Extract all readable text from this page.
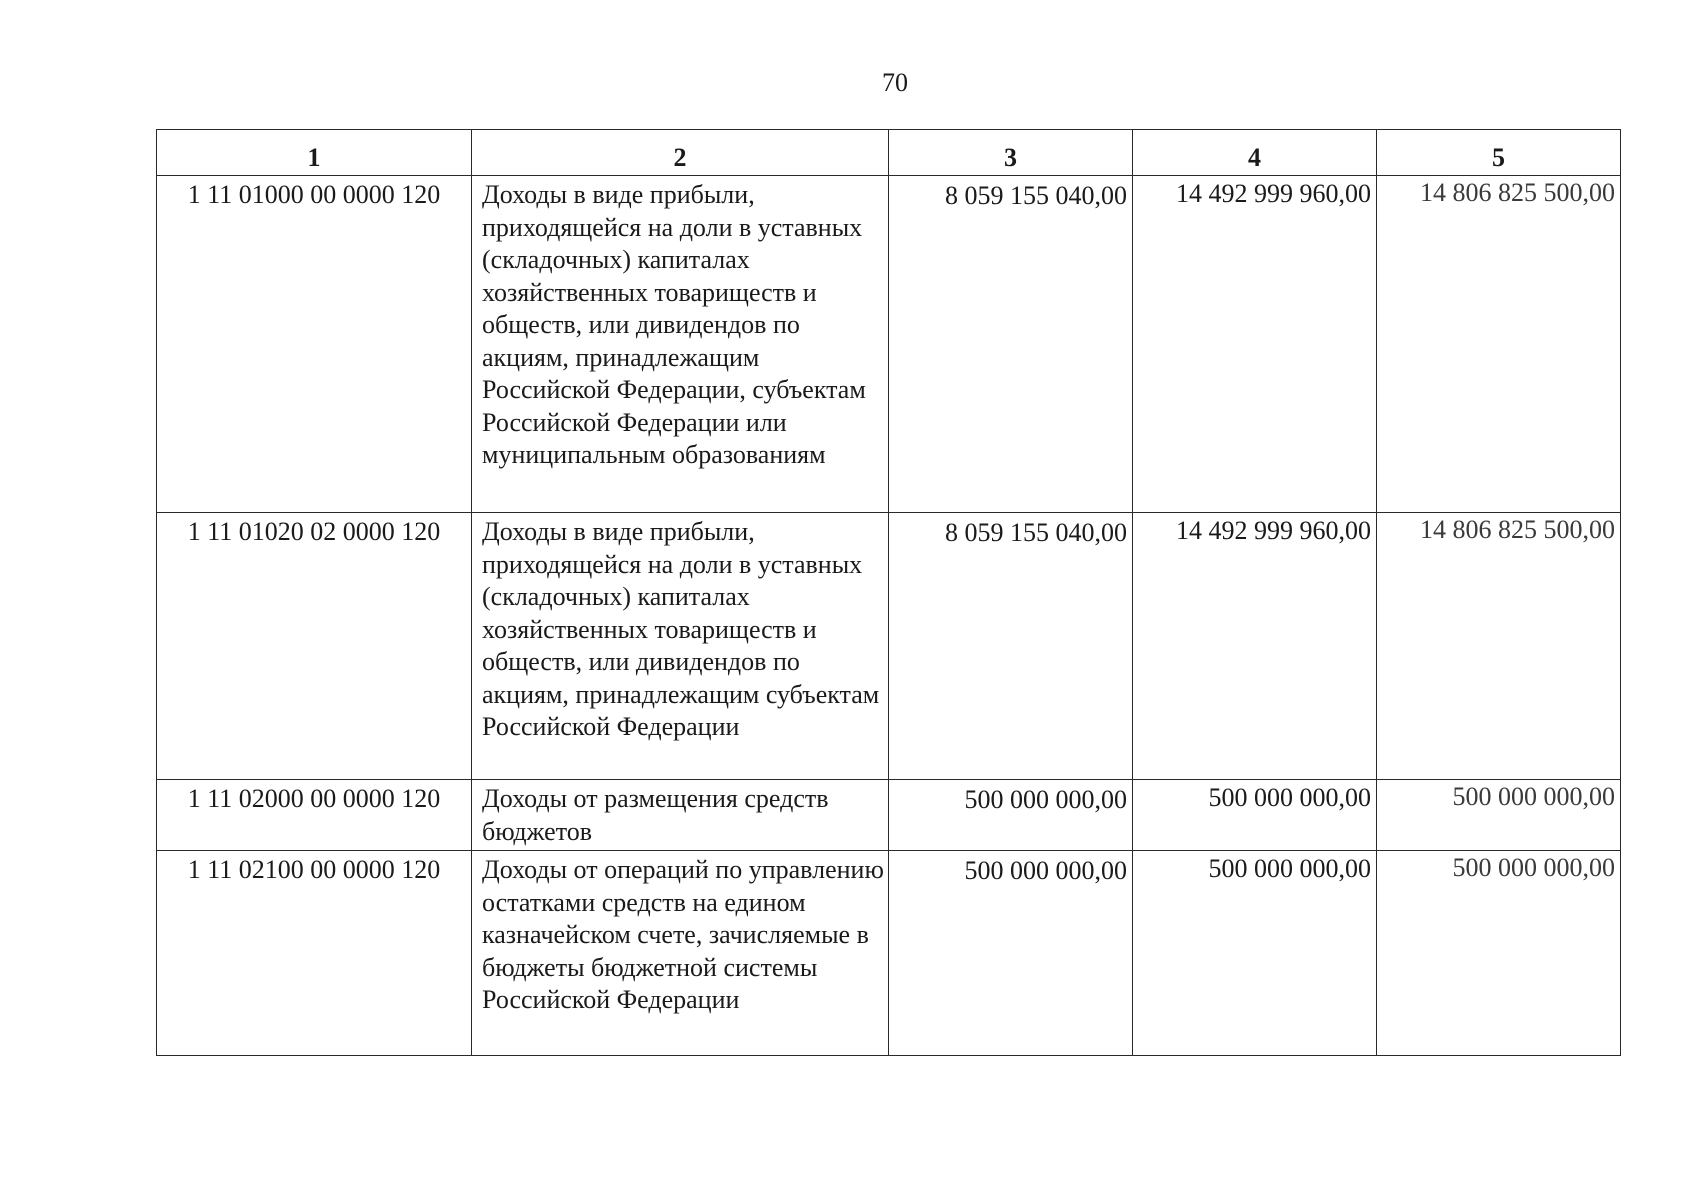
70
1	2	3	4	5
1 11 01000 00 0000 120	Доходы в виде прибыли, приходящейся на доли в уставных (складочных) капиталах хозяйственных товариществ и обществ, или дивидендов по акциям, принадлежащим Российской Федерации, субъектам Российской Федерации или муниципальным образованиям	8 059 155 040,00	14 492 999 960,00	14 806 825 500,00
1 11 01020 02 0000 120	Доходы в виде прибыли, приходящейся на доли в уставных (складочных) капиталах хозяйственных товариществ и обществ, или дивидендов по акциям, принадлежащим субъектам Российской Федерации	8 059 155 040,00	14 492 999 960,00	14 806 825 500,00
1 11 02000 00 0000 120	Доходы от размещения средств бюджетов	500 000 000,00	500 000 000,00	500 000 000,00
1 11 02100 00 0000 120	Доходы от операций по управлению остатками средств на едином казначейском счете, зачисляемые в бюджеты бюджетной системы Российской Федерации	500 000 000,00	500 000 000,00	500 000 000,00
